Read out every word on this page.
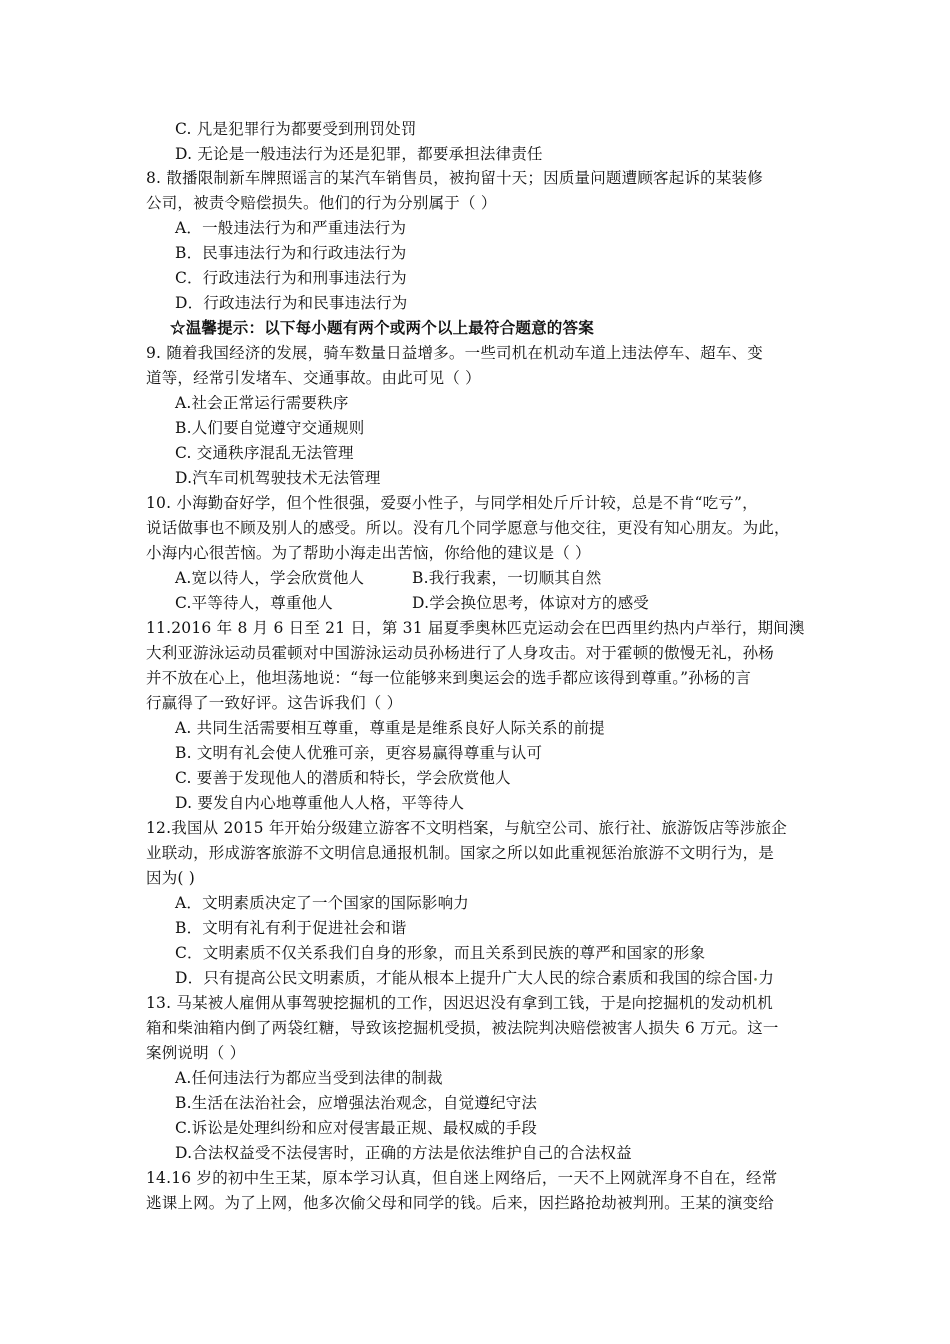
C. 凡是犯罪行为都要受到刑罚处罚
D. 无论是一般违法行为还是犯罪，都要承担法律责任
8. 散播限制新车牌照谣言的某汽车销售员，被拘留十天；因质量问题遭顾客起诉的某装修
公司，被责令赔偿损失。他们的行为分别属于（ ）
A．一般违法行为和严重违法行为
B．民事违法行为和行政违法行为
C．行政违法行为和刑事违法行为
D．行政违法行为和民事违法行为
☆温馨提示：以下每小题有两个或两个以上最符合题意的答案
9. 随着我国经济的发展，骑车数量日益增多。一些司机在机动车道上违法停车、超车、变
道等，经常引发堵车、交通事故。由此可见（ ）
A.社会正常运行需要秩序
B.人们要自觉遵守交通规则
C. 交通秩序混乱无法管理
D.汽车司机驾驶技术无法管理
10. 小海勤奋好学，但个性很强，爱耍小性子，与同学相处斤斤计较，总是不肯“吃亏”，
说话做事也不顾及别人的感受。所以。没有几个同学愿意与他交往，更没有知心朋友。为此，
小海内心很苦恼。为了帮助小海走出苦恼，你给他的建议是（ ）
A.宽以待人，学会欣赏他人	B.我行我素，一切顺其自然
C.平等待人，尊重他人	D.学会换位思考，体谅对方的感受
11.2016 年 8 月 6 日至 21 日，第 31 届夏季奥林匹克运动会在巴西里约热内卢举行，期间澳
大利亚游泳运动员霍顿对中国游泳运动员孙杨进行了人身攻击。对于霍顿的傲慢无礼，孙杨
并不放在心上，他坦荡地说：“每一位能够来到奥运会的选手都应该得到尊重。”孙杨的言
行赢得了一致好评。这告诉我们（ ）
A. 共同生活需要相互尊重，尊重是是维系良好人际关系的前提
B. 文明有礼会使人优雅可亲，更容易赢得尊重与认可
C. 要善于发现他人的潜质和特长，学会欣赏他人
D. 要发自内心地尊重他人人格，平等待人
12.我国从 2015 年开始分级建立游客不文明档案，与航空公司、旅行社、旅游饭店等涉旅企
业联动，形成游客旅游不文明信息通报机制。国家之所以如此重视惩治旅游不文明行为，是
因为( )
A．文明素质决定了一个国家的国际影响力
B．文明有礼有利于促进社会和谐
C．文明素质不仅关系我们自身的形象，而且关系到民族的尊严和国家的形象
D．只有提高公民文明素质，才能从根本上提升广大人民的综合素质和我国的综合国•力
13. 马某被人雇佣从事驾驶挖掘机的工作，因迟迟没有拿到工钱，于是向挖掘机的发动机机
箱和柴油箱内倒了两袋红糖，导致该挖掘机受损，被法院判决赔偿被害人损失 6 万元。这一
案例说明（ ）
A.任何违法行为都应当受到法律的制裁
B.生活在法治社会，应增强法治观念，自觉遵纪守法
C.诉讼是处理纠纷和应对侵害最正规、最权威的手段
D.合法权益受不法侵害时，正确的方法是依法维护自己的合法权益
14.16 岁的初中生王某，原本学习认真，但自迷上网络后，一天不上网就浑身不自在，经常
逃课上网。为了上网，他多次偷父母和同学的钱。后来，因拦路抢劫被判刑。王某的演变给
